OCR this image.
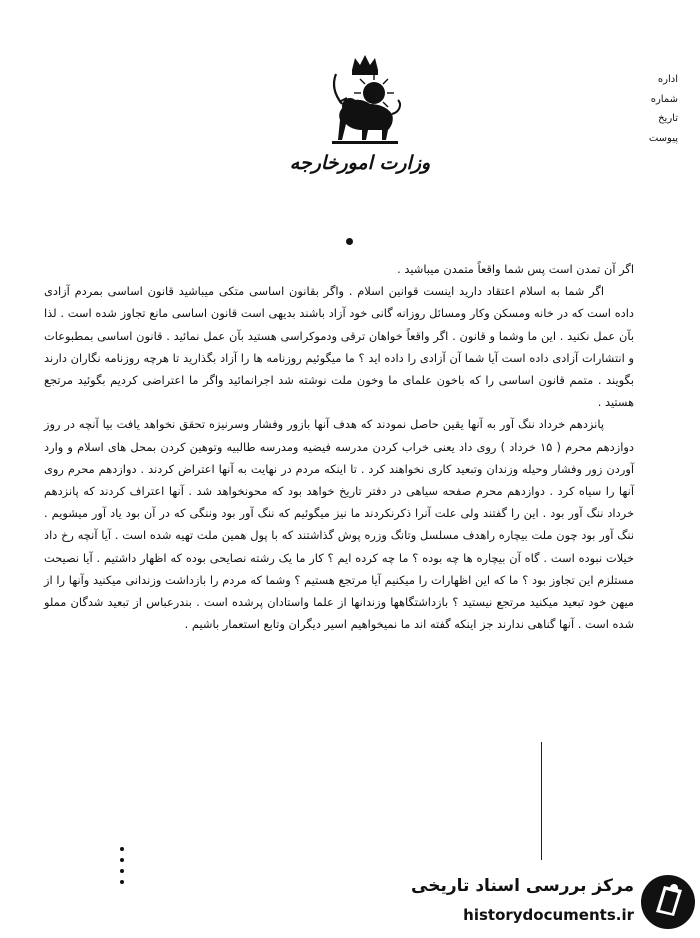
وزارت امورخارجه
اداره
شماره
تاریخ
پیوست

اگر آن تمدن است پس شما واقعاً متمدن میباشید .

اگر شما به اسلام اعتقاد دارید اینست قوانین اسلام . واگر بقانون اساسی متکی میباشید قانون اساسی بمردم آزادی داده است که در خانه ومسکن وکار ومسائل روزانه گانی خود آزاد باشند بدیهی است قانون اساسی مانع تجاوز شده است . لذا بآن عمل نکنید . این ما وشما و قانون . اگر واقعاً خواهان ترقی ودموکراسی هستید بآن عمل نمائید . قانون اساسی بمطبوعات و انتشارات آزادی داده است آیا شما آن آزادی را داده اید ؟ ما میگوئیم روزنامه ها را آزاد بگذارید تا هرچه روزنامه نگاران دارند بگویند . متمم قانون اساسی را که باخون علمای ما وخون ملت نوشته شد اجرانمائید واگر ما اعتراضی کردیم بگوئید مرتجع هستید .

پانزدهم خرداد ننگ آور به آنها یقین حاصل نمودند که هدف آنها بازور وفشار وسرنیزه تحقق نخواهد یافت بیا آنچه در روز دوازدهم محرم ( ۱۵ خرداد ) روی داد یعنی خراب کردن مدرسه فیضیه ومدرسه طالبیه وتوهین کردن بمحل های اسلام و وارد آوردن زور وفشار وحیله وزندان وتبعید کاری نخواهند کرد . تا اینکه مردم در نهایت به آنها اعتراض کردند . دوازدهم محرم روی آنها را سیاه کرد . دوازدهم محرم صفحه سیاهی در دفتر تاریخ خواهد بود که محونخواهد شد . آنها اعتراف کردند که پانزدهم خرداد ننگ آور بود . این را گفتند ولی علت آنرا ذکرنکردند ما نیز میگوئیم که ننگ آور بود وننگی که در آن بود یاد آور میشویم . ننگ آور بود چون ملت بیچاره راهدف مسلسل وتانگ وزره پوش گذاشتند که با پول همین ملت تهیه شده است . آیا آنچه رخ داد خیلات نبوده است . گاه آن بیچاره ها چه بوده ؟ ما چه کرده ایم ؟ کار ما یک رشته نصایحی بوده که اظهار داشتیم . آیا نصیحت مستلزم این تجاوز بود ؟ ما که این اظهارات را میکنیم آیا مرتجع هستیم ؟ وشما که مردم را بازداشت وزندانی میکنید وآنها را از میهن خود تبعید میکنید مرتجع نیستید ؟ بازداشتگاهها وزندانها از علما واستادان پرشده است . بندرعباس از تبعید شدگان مملو شده است . آنها گناهی ندارند جز اینکه گفته اند ما نمیخواهیم اسیر دیگران وتابع استعمار باشیم .

مرکز بررسی اسناد تاریخی
historydocuments.ir
